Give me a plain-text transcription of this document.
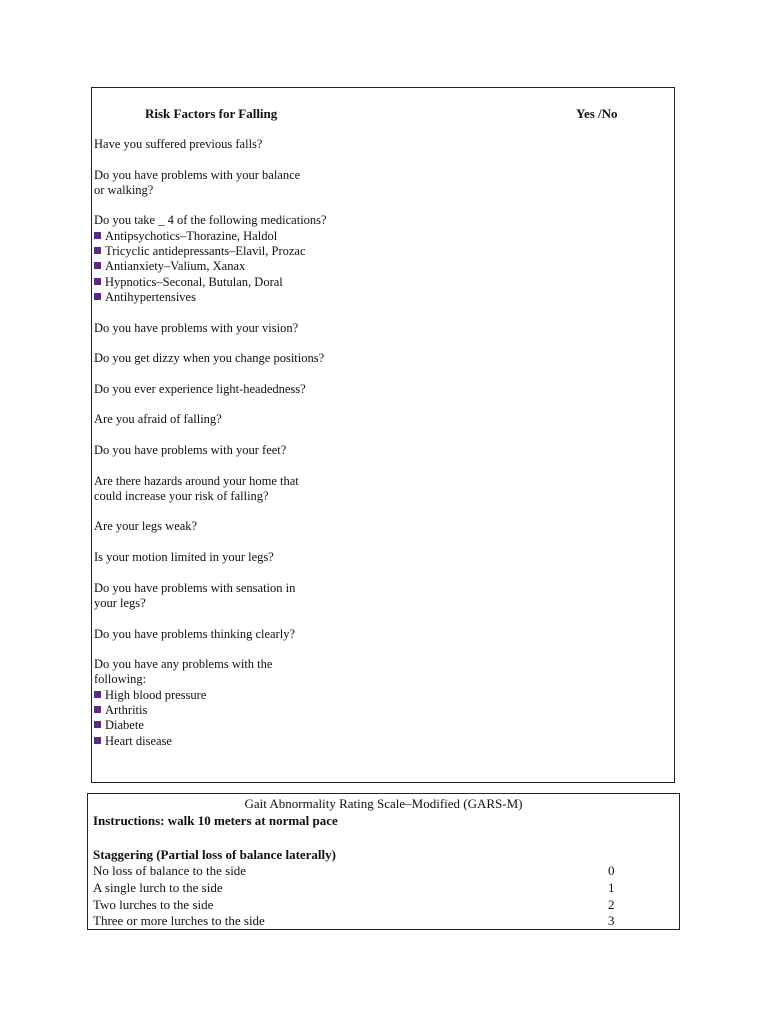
Risk Factors for Falling	Yes /No
Have you suffered previous falls?
Do you have problems with your balance
or walking?
Do you take _ 4 of the following medications?
Antipsychotics–Thorazine, Haldol
Tricyclic antidepressants–Elavil, Prozac
Antianxiety–Valium, Xanax
Hypnotics–Seconal, Butulan, Doral
Antihypertensives
Do you have problems with your vision?
Do you get dizzy when you change positions?
Do you ever experience light-headedness?
Are you afraid of falling?
Do you have problems with your feet?
Are there hazards around your home that
could increase your risk of falling?
Are your legs weak?
Is your motion limited in your legs?
Do you have problems with sensation in
your legs?
Do you have problems thinking clearly?
Do you have any problems with the
following:
High blood pressure
Arthritis
Diabete
Heart disease
Gait Abnormality Rating Scale–Modified (GARS-M)
Instructions: walk 10 meters at normal pace
Staggering (Partial loss of balance laterally)
No loss of balance to the side	0
A single lurch to the side	1
Two lurches to the side	2
Three or more lurches to the side	3
